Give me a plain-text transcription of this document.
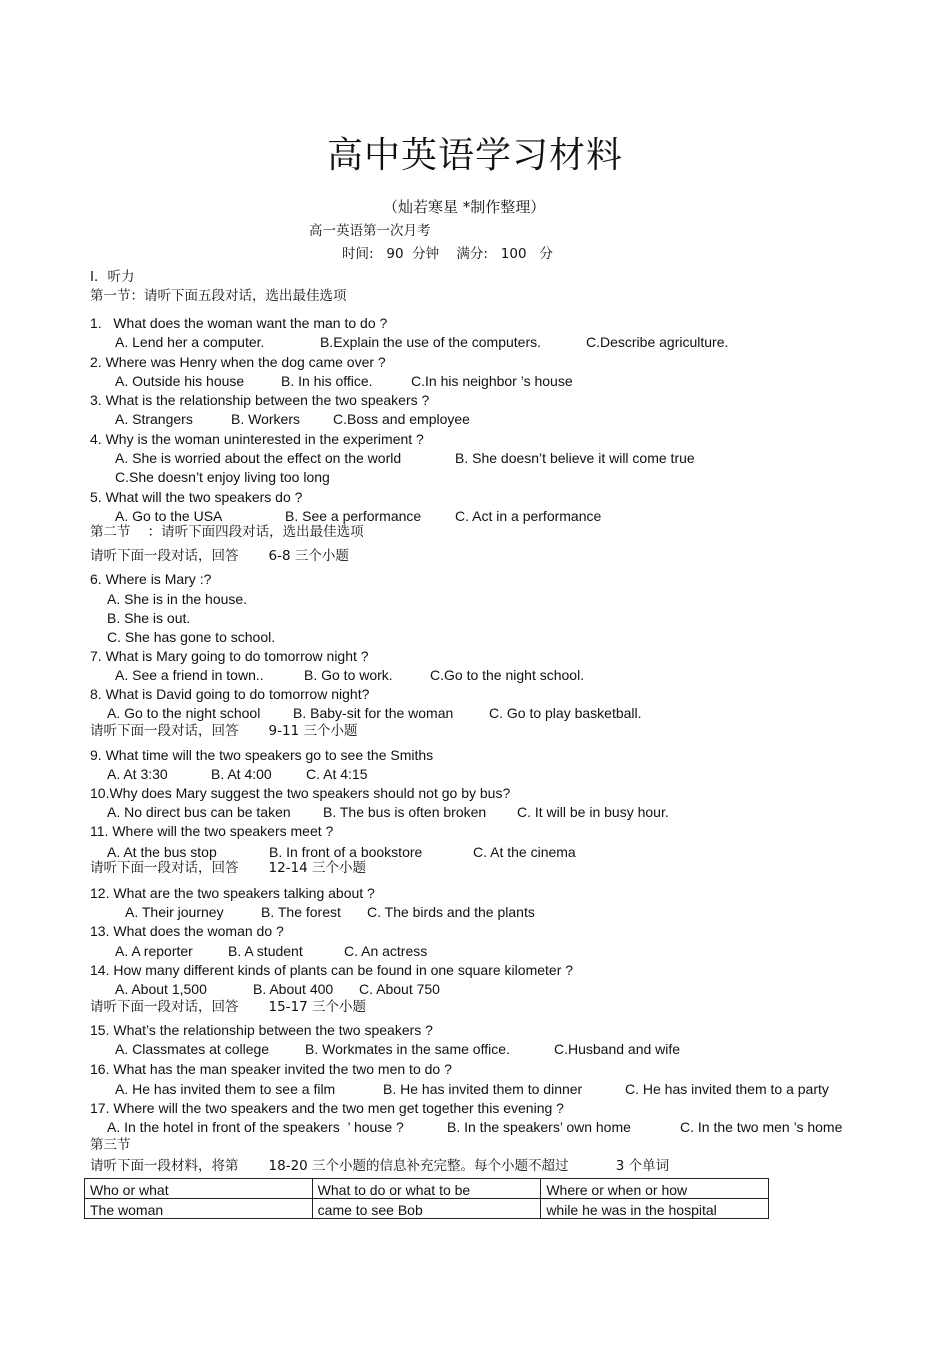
高中英语学习材料
（灿若寒星 *制作整理）
高一英语第一次月考
时间:   90  分钟    满分:   100   分
I．听力
第一节：请听下面五段对话，选出最佳选项
1.   What does the woman want the man to do ?
A. Lend her a computer.	B.Explain the use of the computers.	C.Describe agriculture.
2. Where was Henry when the dog came over ?
A. Outside his house	B. In his office.	C.In his neighbor ’s house
3. What is the relationship between the two speakers ?
A. Strangers	B. Workers C.Boss and employee
4. Why is the woman uninterested in the experiment ?
A. She is worried about the effect on the world	B. She doesn’t believe it will come true
C.She doesn’t enjoy living too long
5. What will the two speakers do ?
A. Go to the USA	B. See a performance C. Act in a performance
第二节    ：请听下面四段对话，选出最佳选项
请听下面一段对话，回答       6-8 三个小题
6. Where is Mary :?
A. She is in the house.
B. She is out.
C. She has gone to school.
7. What is Mary going to do tomorrow night ?
A. See a friend in town..	B. Go to work.	C.Go to the night school.
8. What is David going to do tomorrow night?
A. Go to the night school B. Baby-sit for the woman	C. Go to play basketball.
请听下面一段对话，回答       9-11 三个小题
9. What time will the two speakers go to see the Smiths
A. At 3:30	B. At 4:00 C. At 4:15
10.Why does Mary suggest the two speakers should not go by bus?
A. No direct bus can be taken B. The bus is often broken C. It will be in busy hour.
11. Where will the two speakers meet ?
A. At the bus stop	B. In front of a bookstore	C. At the cinema
请听下面一段对话，回答       12-14 三个小题
12. What are the two speakers talking about ?
A. Their journey	B. The forest C. The birds and the plants
13. What does the woman do ?
A. A reporter	B. A student	C. An actress
14. How many different kinds of plants can be found in one square kilometer ?
A. About 1,500	B. About 400 C. About 750
请听下面一段对话，回答       15-17 三个小题
15. What’s the relationship between the two speakers ?
A. Classmates at college	B. Workmates in the same office.	C.Husband and wife
16. What has the man speaker invited the two men to do ?
A. He has invited them to see a film	B. He has invited them to dinner	C. He has invited them to a party
17. Where will the two speakers and the two men get together this evening ?
A. In the hotel in front of the speakers  ’ house ?	B. In the speakers’ own home	C. In the two men ’s home
第三节
请听下面一段材料，将第       18-20 三个小题的信息补充完整。每个小题不超过           3 个单词
Who or what	What to do or what to be	Where or when or how
The woman	came to see Bob	while he was in the hospital
